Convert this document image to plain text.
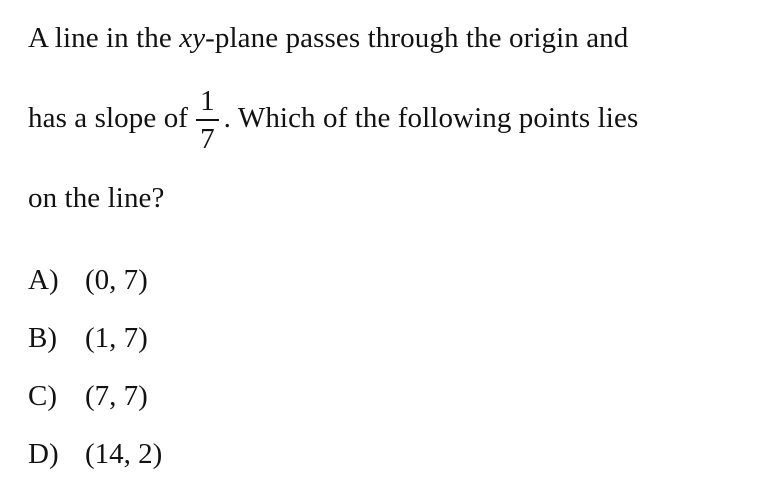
A line in the xy-plane passes through the origin and
has a slope of $\frac{1}{7}$ . Which of the following points lies
on the line?
A) (0, 7)
B) (1, 7)
C) (7, 7)
D) (14, 2)
